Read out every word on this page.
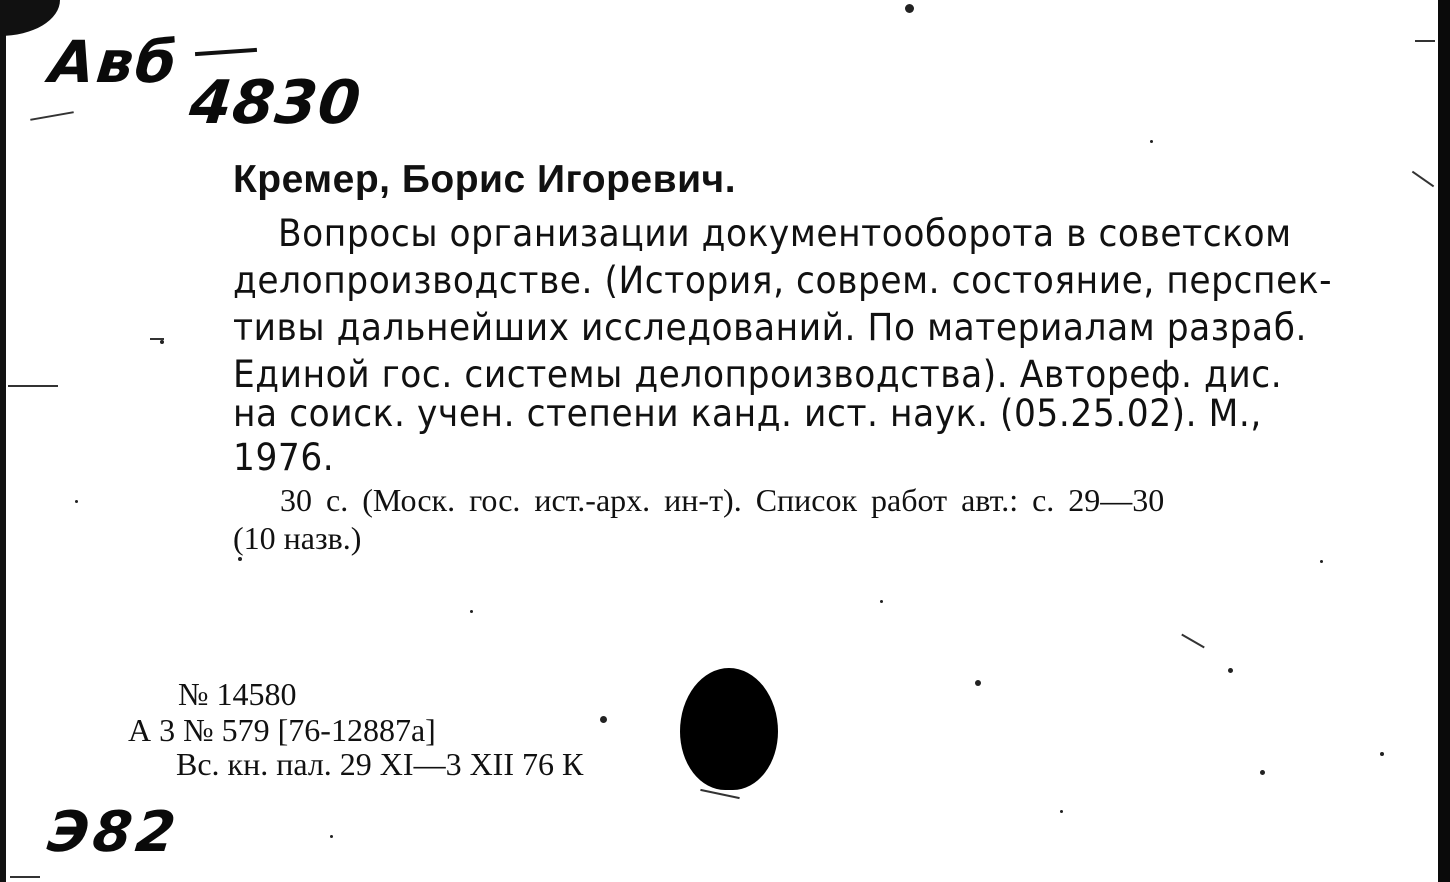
Авб
4830
Кремер, Борис Игоревич.
Вопросы организации документооборота в советском
делопроизводстве. (История, соврем. состояние, перспек-
тивы дальнейших исследований. По материалам разраб.
Единой гос. системы делопроизводства). Автореф. дис.
на соиск. учен. степени канд. ист. наук. (05.25.02). М.,
1976.
30 с. (Моск. гос. ист.-арх. ин-т). Список работ авт.: с. 29—30
(10 назв.)
№ 14580
А 3 № 579 [76-12887а]
Вс. кн. пал. 29 XI—3 XII 76 К
Э82
